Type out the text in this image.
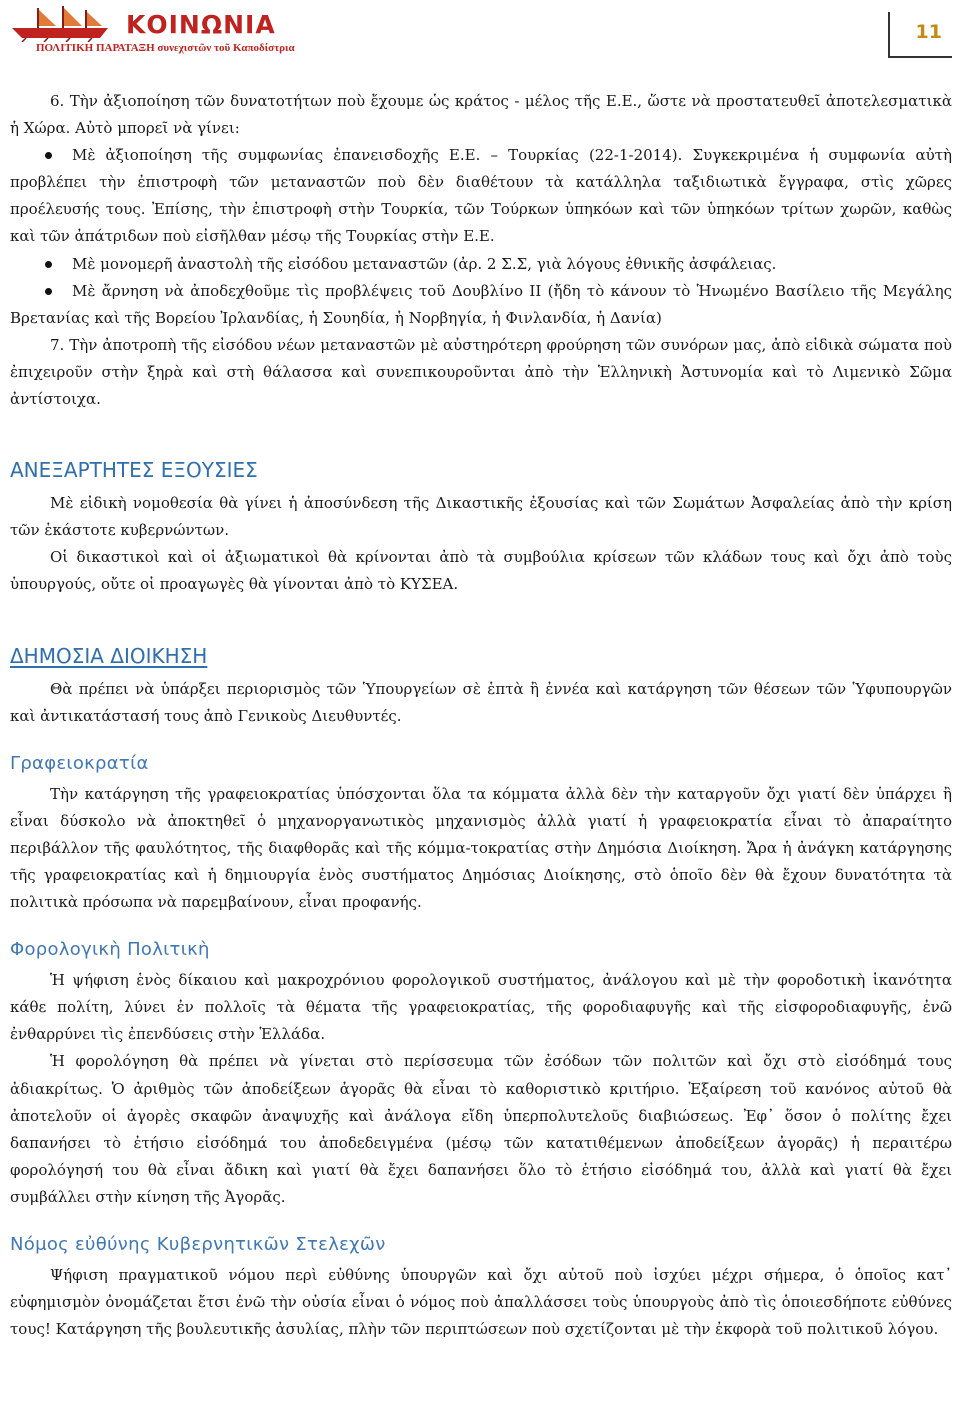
ΚΟΙΝΩΝΙΑ
ΠΟΛΙΤΙΚΗ ΠΑΡΑΤΑΞΗ συνεχιστῶν τοῦ Καποδίστρια
11

6. Τὴν ἀξιοποίηση τῶν δυνατοτήτων ποὺ ἔχουμε ὡς κράτος - μέλος τῆς Ε.Ε., ὥστε νὰ προστατευθεῖ ἀποτελεσματικὰ ἡ Χώρα. Αὐτὸ μπορεῖ νὰ γίνει:

Μὲ ἀξιοποίηση τῆς συμφωνίας ἐπανεισδοχῆς Ε.Ε. – Τουρκίας (22-1-2014). Συγκεκριμένα ἡ συμφωνία αὐτὴ προβλέπει τὴν ἐπιστροφὴ τῶν μεταναστῶν ποὺ δὲν διαθέτουν τὰ κατάλληλα ταξιδιωτικὰ ἔγγραφα, στὶς χῶρες προέλευσής τους. Ἐπίσης, τὴν ἐπιστροφὴ στὴν Τουρκία, τῶν Τούρκων ὑπηκόων καὶ τῶν ὑπηκόων τρίτων χωρῶν, καθὼς καὶ τῶν ἀπάτριδων ποὺ εἰσῆλθαν μέσῳ τῆς Τουρκίας στὴν Ε.Ε.

Μὲ μονομερῆ ἀναστολὴ τῆς εἰσόδου μεταναστῶν (ἀρ. 2 Σ.Σ, γιὰ λόγους ἐθνικῆς ἀσφάλειας.

Μὲ ἄρνηση νὰ ἀποδεχθοῦμε τὶς προβλέψεις τοῦ Δουβλίνο ΙΙ (ἤδη τὸ κάνουν τὸ Ἡνωμένο Βασίλειο τῆς Μεγάλης Βρετανίας καὶ τῆς Βορείου Ἰρλανδίας, ἡ Σουηδία, ἡ Νορβηγία, ἡ Φινλανδία, ἡ Δανία)

7. Τὴν ἀποτροπὴ τῆς εἰσόδου νέων μεταναστῶν μὲ αὐστηρότερη φρούρηση τῶν συνόρων μας, ἀπὸ εἰδικὰ σώματα ποὺ ἐπιχειροῦν στὴν ξηρὰ καὶ στὴ θάλασσα καὶ συνεπικουροῦνται ἀπὸ τὴν Ἑλληνικὴ Ἀστυνομία καὶ τὸ Λιμενικὸ Σῶμα ἀντίστοιχα.

ΑΝΕΞΑΡΤΗΤΕΣ ΕΞΟΥΣΙΕΣ

Μὲ εἰδικὴ νομοθεσία θὰ γίνει ἡ ἀποσύνδεση τῆς Δικαστικῆς ἐξουσίας καὶ τῶν Σωμάτων Ἀσφαλείας ἀπὸ τὴν κρίση τῶν ἑκάστοτε κυβερνώντων.

Οἱ δικαστικοὶ καὶ οἱ ἀξιωματικοὶ θὰ κρίνονται ἀπὸ τὰ συμβούλια κρίσεων τῶν κλάδων τους καὶ ὄχι ἀπὸ τοὺς ὑπουργούς, οὔτε οἱ προαγωγὲς θὰ γίνονται ἀπὸ τὸ ΚΥΣΕΑ.

ΔΗΜΟΣΙΑ ΔΙΟΙΚΗΣΗ

Θὰ πρέπει νὰ ὑπάρξει περιορισμὸς τῶν Ὑπουργείων σὲ ἑπτὰ ἢ ἐννέα καὶ κατάργηση τῶν θέσεων τῶν Ὑφυπουργῶν καὶ ἀντικατάστασή τους ἀπὸ Γενικοὺς Διευθυντές.

Γραφειοκρατία

Τὴν κατάργηση τῆς γραφειοκρατίας ὑπόσχονται ὅλα τα κόμματα ἀλλὰ δὲν τὴν καταργοῦν ὄχι γιατί δὲν ὑπάρχει ἢ εἶναι δύσκολο νὰ ἀποκτηθεῖ ὁ μηχανοργανωτικὸς μηχανισμὸς ἀλλὰ γιατί ἡ γραφειοκρατία εἶναι τὸ ἀπαραίτητο περιβάλλον τῆς φαυλότητος, τῆς διαφθορᾶς καὶ τῆς κόμμα-τοκρατίας στὴν Δημόσια Διοίκηση. Ἄρα ἡ ἀνάγκη κατάργησης τῆς γραφειοκρατίας καὶ ἡ δημιουργία ἑνὸς συστήματος Δημόσιας Διοίκησης, στὸ ὁποῖο δὲν θὰ ἔχουν δυνατότητα τὰ πολιτικὰ πρόσωπα νὰ παρεμβαίνουν, εἶναι προφανής.

Φορολογικὴ Πολιτικὴ

Ἡ ψήφιση ἑνὸς δίκαιου καὶ μακροχρόνιου φορολογικοῦ συστήματος, ἀνάλογου καὶ μὲ τὴν φοροδοτικὴ ἱκανότητα κάθε πολίτη, λύνει ἐν πολλοῖς τὰ θέματα τῆς γραφειοκρατίας, τῆς φοροδιαφυγῆς καὶ τῆς εἰσφοροδιαφυγῆς, ἐνῶ ἐνθαρρύνει τὶς ἐπενδύσεις στὴν Ἑλλάδα.

Ἡ φορολόγηση θὰ πρέπει νὰ γίνεται στὸ περίσσευμα τῶν ἐσόδων τῶν πολιτῶν καὶ ὄχι στὸ εἰσόδημά τους ἀδιακρίτως. Ὁ ἀριθμὸς τῶν ἀποδείξεων ἀγορᾶς θὰ εἶναι τὸ καθοριστικὸ κριτήριο. Ἐξαίρεση τοῦ κανόνος αὐτοῦ θὰ ἀποτελοῦν οἱ ἀγορὲς σκαφῶν ἀναψυχῆς καὶ ἀνάλογα εἴδη ὑπερπολυτελοῦς διαβιώσεως. Ἐφ᾽ ὅσον ὁ πολίτης ἔχει δαπανήσει τὸ ἐτήσιο εἰσόδημά του ἀποδεδειγμένα (μέσῳ τῶν κατατιθέμενων ἀποδείξεων ἀγορᾶς) ἡ περαιτέρω φορολόγησή του θὰ εἶναι ἄδικη καὶ γιατί θὰ ἔχει δαπανήσει ὅλο τὸ ἐτήσιο εἰσόδημά του, ἀλλὰ καὶ γιατί θὰ ἔχει συμβάλλει στὴν κίνηση τῆς Ἀγορᾶς.

Νόμος εὐθύνης Κυβερνητικῶν Στελεχῶν

Ψήφιση πραγματικοῦ νόμου περὶ εὐθύνης ὑπουργῶν καὶ ὄχι αὐτοῦ ποὺ ἰσχύει μέχρι σήμερα, ὁ ὁποῖος κατ᾽ εὐφημισμὸν ὀνομάζεται ἔτσι ἐνῶ τὴν οὐσία εἶναι ὁ νόμος ποὺ ἀπαλλάσσει τοὺς ὑπουργοὺς ἀπὸ τὶς ὁποιεσδήποτε εὐθύνες τους! Κατάργηση τῆς βουλευτικῆς ἀσυλίας, πλὴν τῶν περιπτώσεων ποὺ σχετίζονται μὲ τὴν ἐκφορὰ τοῦ πολιτικοῦ λόγου.
